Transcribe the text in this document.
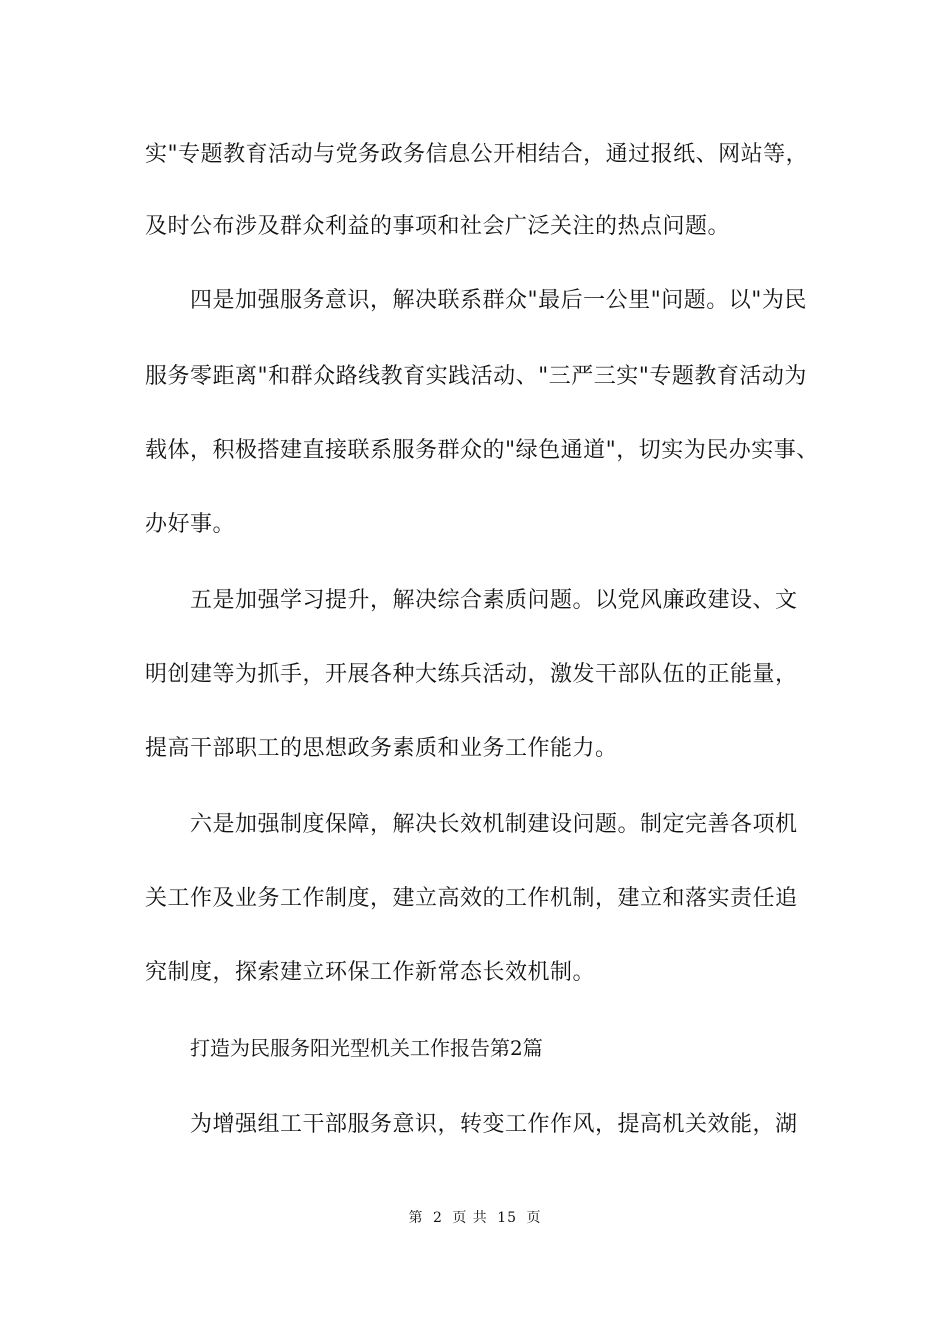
实"专题教育活动与党务政务信息公开相结合，通过报纸、网站等，
及时公布涉及群众利益的事项和社会广泛关注的热点问题。
四是加强服务意识，解决联系群众"最后一公里"问题。以"为民
服务零距离"和群众路线教育实践活动、"三严三实"专题教育活动为
载体，积极搭建直接联系服务群众的"绿色通道"，切实为民办实事、
办好事。
五是加强学习提升，解决综合素质问题。以党风廉政建设、文
明创建等为抓手，开展各种大练兵活动，激发干部队伍的正能量，
提高干部职工的思想政务素质和业务工作能力。
六是加强制度保障，解决长效机制建设问题。制定完善各项机
关工作及业务工作制度，建立高效的工作机制，建立和落实责任追
究制度，探索建立环保工作新常态长效机制。
打造为民服务阳光型机关工作报告第2篇
为增强组工干部服务意识，转变工作作风，提高机关效能，湖
第 2 页 共 15 页
